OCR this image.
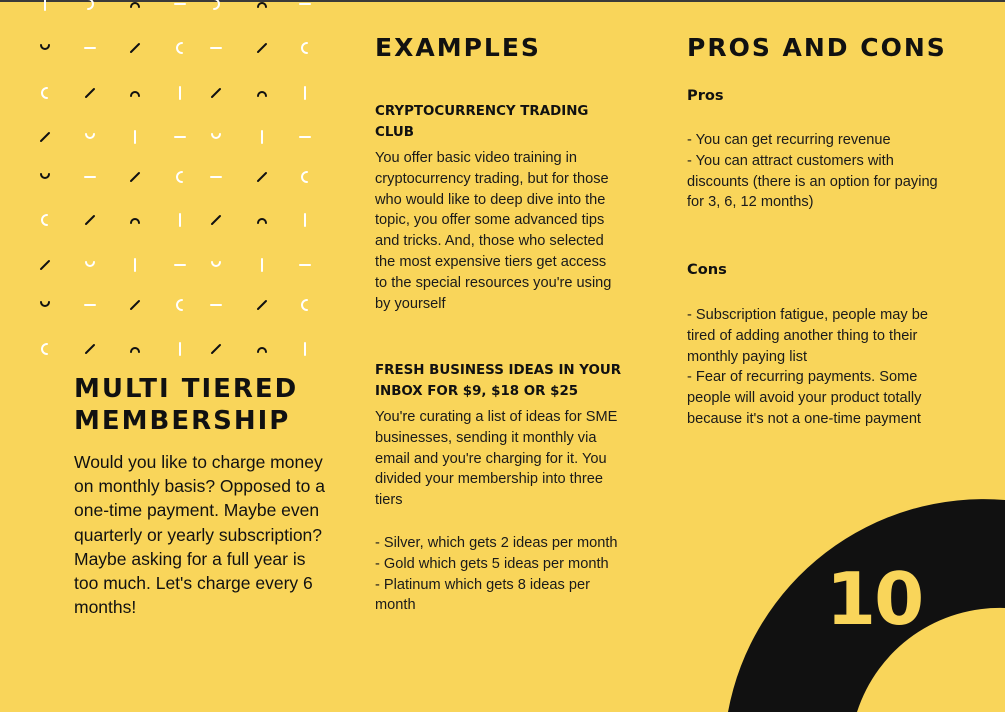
MULTI TIERED
MEMBERSHIP

Would you like to charge money on monthly basis? Opposed to a one-time payment. Maybe even quarterly or yearly subscription? Maybe asking for a full year is too much. Let's charge every 6 months!

EXAMPLES
CRYPTOCURRENCY TRADING CLUB

You offer basic video training in cryptocurrency trading, but for those who would like to deep dive into the topic, you offer some advanced tips and tricks. And, those who selected the most expensive tiers get access to the special resources you're using by yourself

FRESH BUSINESS IDEAS IN YOUR INBOX FOR $9, $18 OR $25

You're curating a list of ideas for SME businesses, sending it monthly via email and you're charging for it. You divided your membership into three tiers

- Silver, which gets 2 ideas per month
- Gold which gets 5 ideas per month
- Platinum which gets 8 ideas per month
PROS AND CONS
Pros
- You can get recurring revenue
- You can attract customers with discounts (there is an option for paying for 3, 6, 12 months)
Cons
- Subscription fatigue, people may be tired of adding another thing to their monthly paying list
- Fear of recurring payments. Some people will avoid your product totally because it's not a one-time payment
10
